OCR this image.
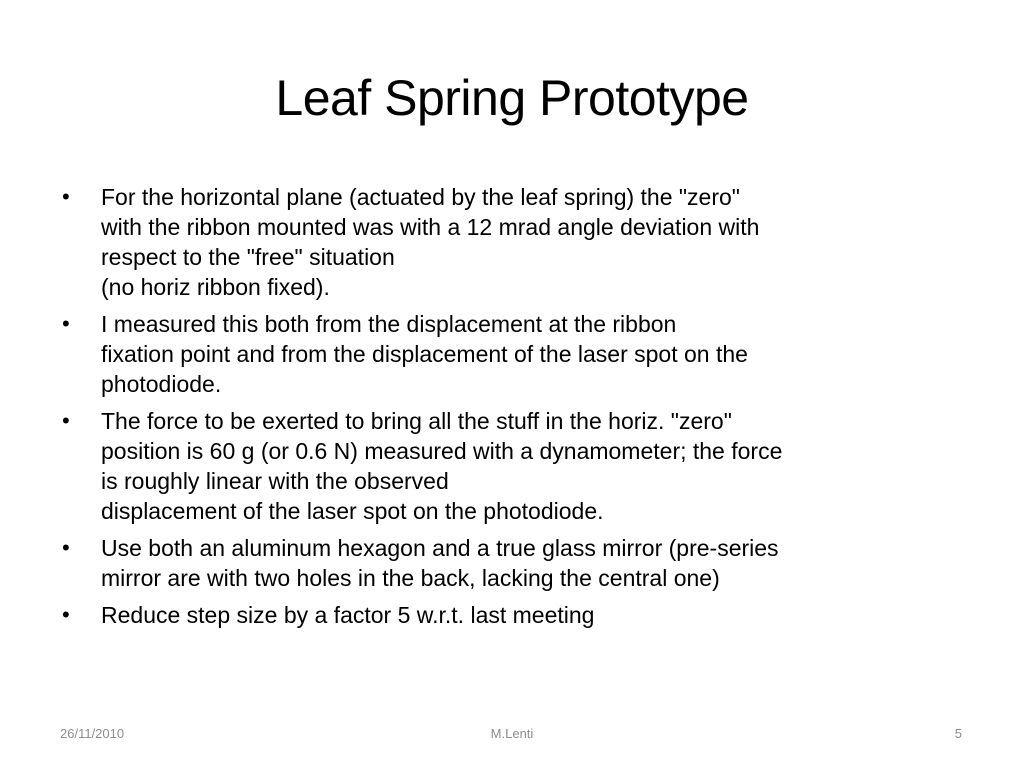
Leaf Spring Prototype
•	For the horizontal plane (actuated by the leaf spring) the "zero"
with the ribbon mounted was with a 12 mrad angle deviation with
respect to the "free" situation
(no horiz ribbon fixed).
•	I measured this both from the displacement at the ribbon
fixation point and from the displacement of the laser spot on the
photodiode.
•	The force to be exerted to bring all the stuff in the horiz. "zero"
position is 60 g (or 0.6 N) measured with a dynamometer; the force
is roughly linear with the observed
displacement of the laser spot on the photodiode.
•	Use both an aluminum hexagon and a true glass mirror (pre-series
mirror are with two holes in the back, lacking the central one)
•	Reduce step size by a factor 5 w.r.t. last meeting
26/11/2010	M.Lenti	5
